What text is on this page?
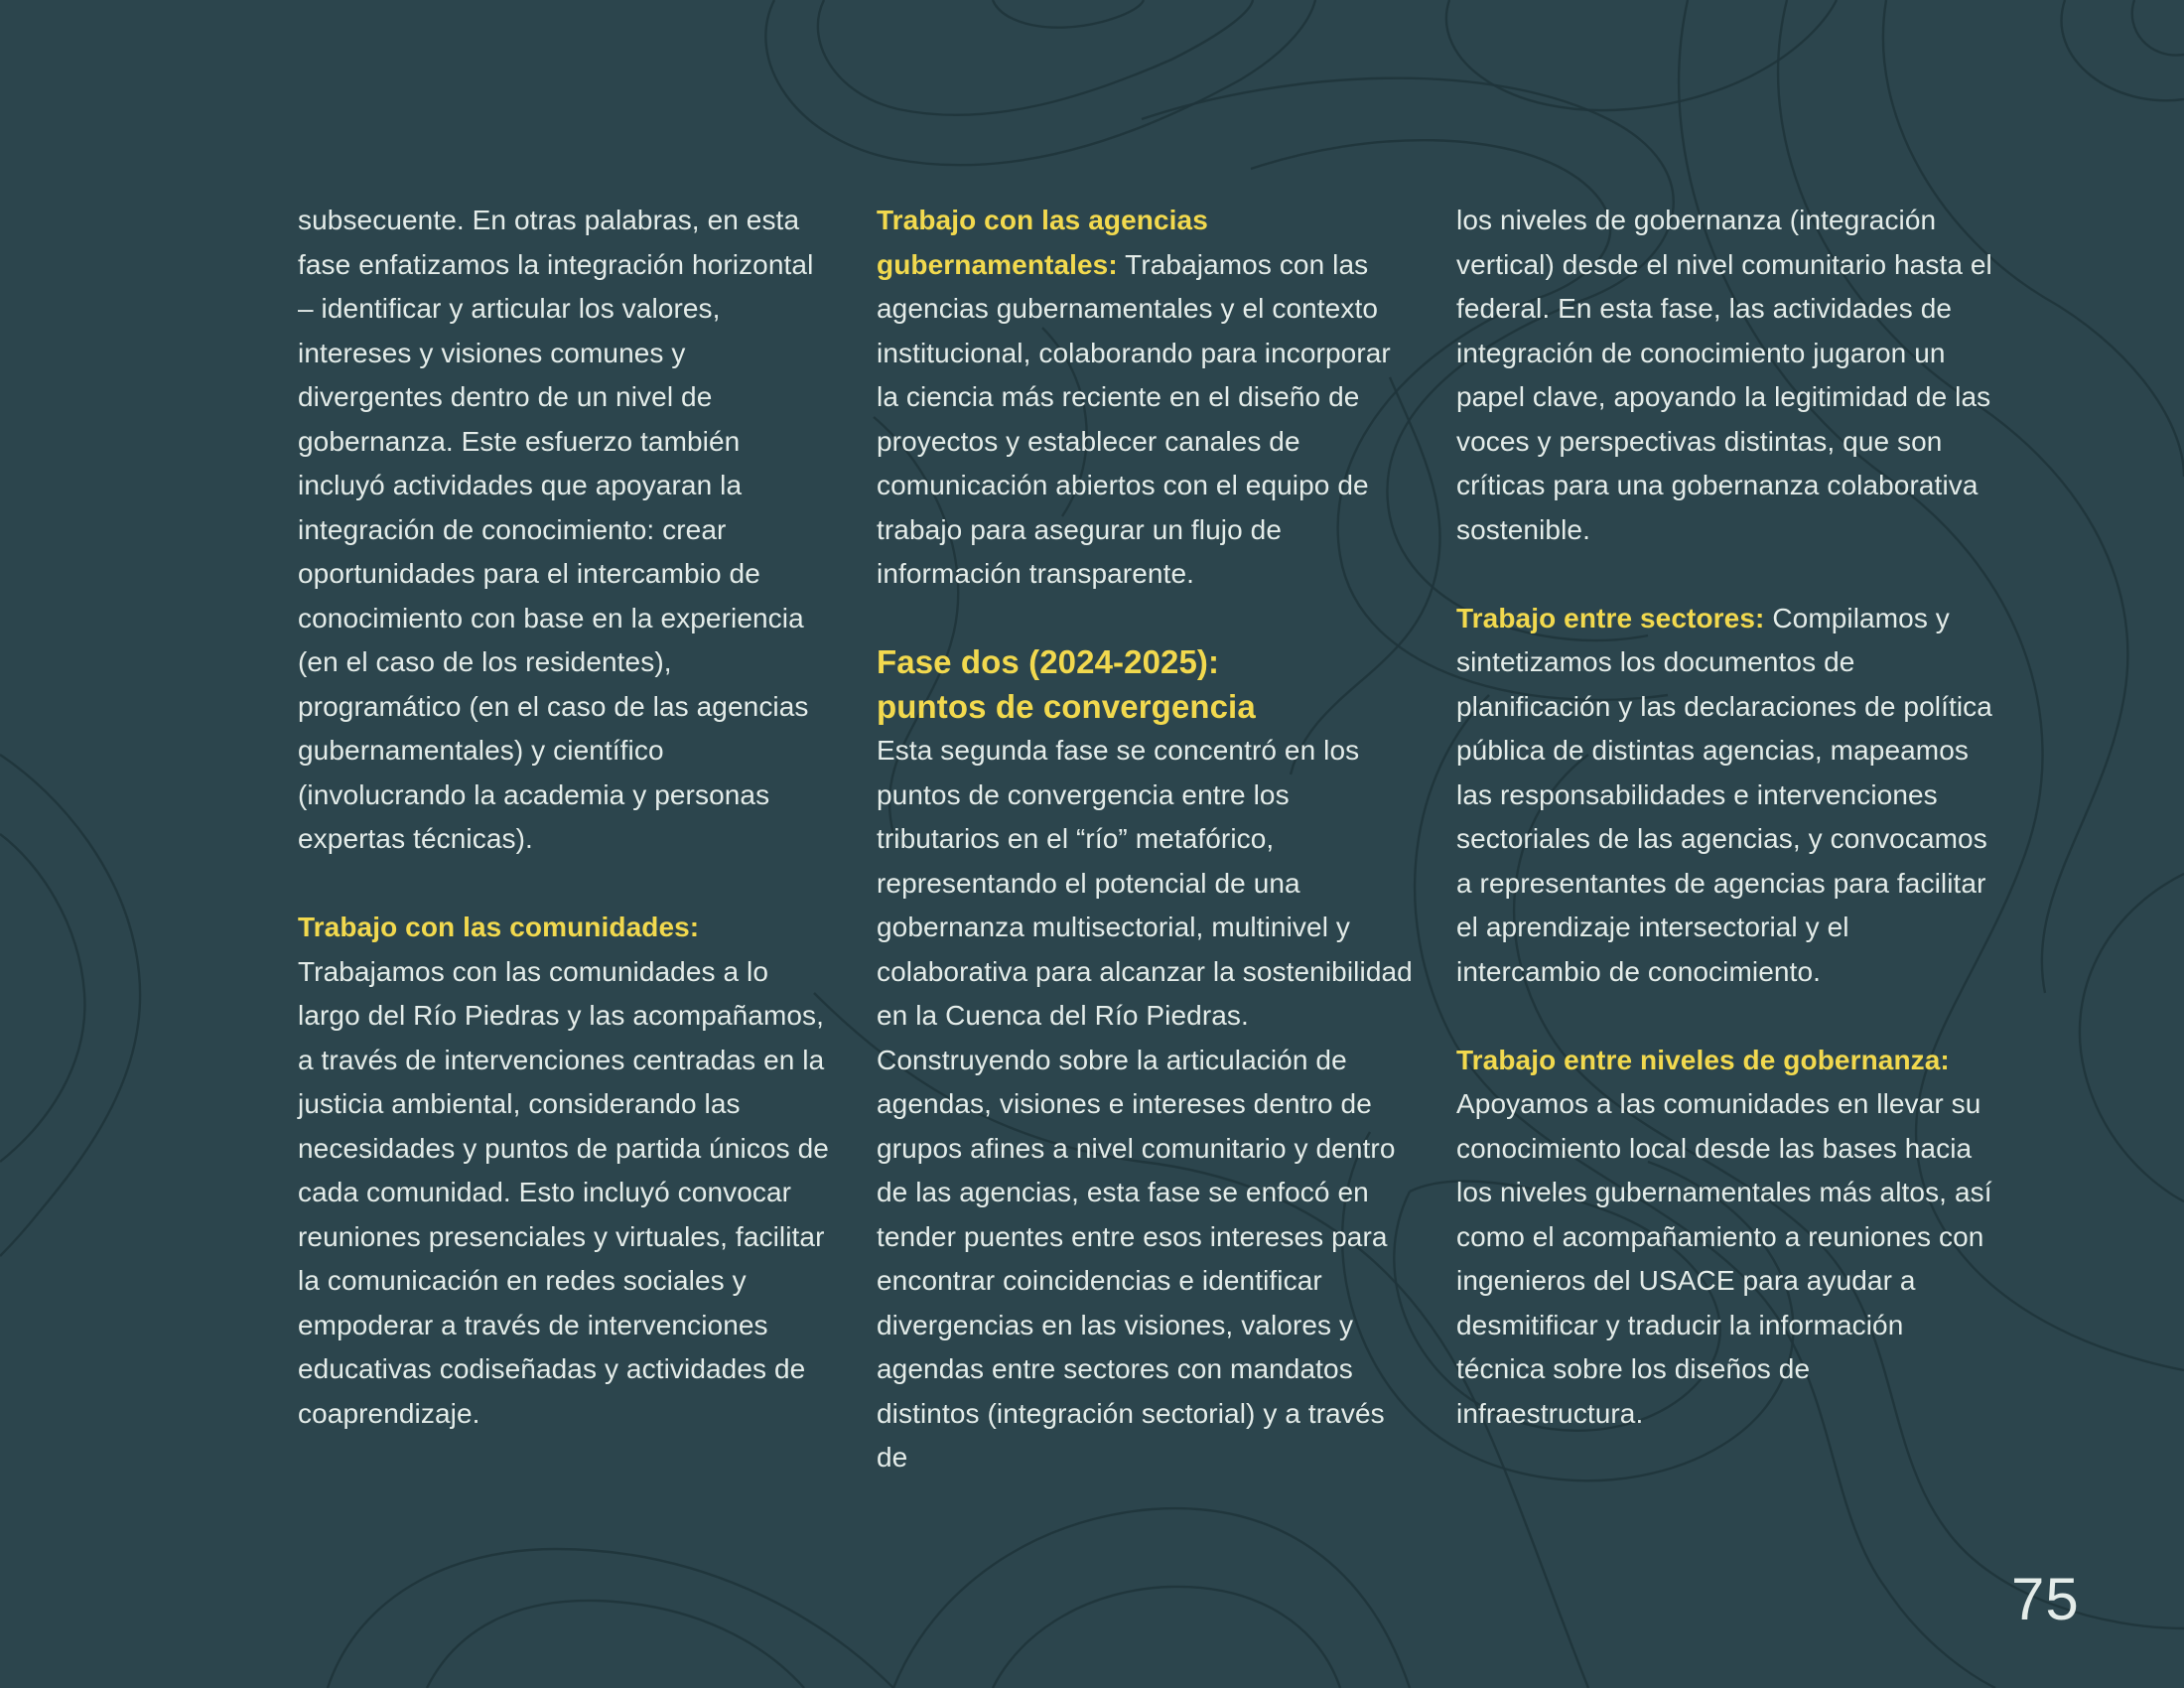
subsecuente. En otras palabras, en esta fase enfatizamos la integración horizontal – identificar y articular los valores, intereses y visiones comunes y divergentes dentro de un nivel de gobernanza. Este esfuerzo también incluyó actividades que apoyaran la integración de conocimiento: crear oportunidades para el intercambio de conocimiento con base en la experiencia (en el caso de los residentes), programático (en el caso de las agencias gubernamentales) y científico (involucrando la academia y personas expertas técnicas).

Trabajo con las comunidades:
Trabajamos con las comunidades a lo largo del Río Piedras y las acompañamos, a través de intervenciones centradas en la justicia ambiental, considerando las necesidades y puntos de partida únicos de cada comunidad. Esto incluyó convocar reuniones presenciales y virtuales, facilitar la comunicación en redes sociales y empoderar a través de intervenciones educativas codiseñadas y actividades de coaprendizaje.

Trabajo con las agencias gubernamentales: Trabajamos con las agencias gubernamentales y el contexto institucional, colaborando para incorporar la ciencia más reciente en el diseño de proyectos y establecer canales de comunicación abiertos con el equipo de trabajo para asegurar un flujo de información transparente.

Fase dos (2024-2025):
puntos de convergencia

Esta segunda fase se concentró en los puntos de convergencia entre los tributarios en el “río” metafórico, representando el potencial de una gobernanza multisectorial, multinivel y colaborativa para alcanzar la sostenibilidad en la Cuenca del Río Piedras. Construyendo sobre la articulación de agendas, visiones e intereses dentro de grupos afines a nivel comunitario y dentro de las agencias, esta fase se enfocó en tender puentes entre esos intereses para encontrar coincidencias e identificar divergencias en las visiones, valores y agendas entre sectores con mandatos distintos (integración sectorial) y a través de

los niveles de gobernanza (integración vertical) desde el nivel comunitario hasta el federal. En esta fase, las actividades de integración de conocimiento jugaron un papel clave, apoyando la legitimidad de las voces y perspectivas distintas, que son críticas para una gobernanza colaborativa sostenible.

Trabajo entre sectores: Compilamos y sintetizamos los documentos de planificación y las declaraciones de política pública de distintas agencias, mapeamos las responsabilidades e intervenciones sectoriales de las agencias, y convocamos a representantes de agencias para facilitar el aprendizaje intersectorial y el intercambio de conocimiento.

Trabajo entre niveles de gobernanza:
Apoyamos a las comunidades en llevar su conocimiento local desde las bases hacia los niveles gubernamentales más altos, así como el acompañamiento a reuniones con ingenieros del USACE para ayudar a desmitificar y traducir la información técnica sobre los diseños de infraestructura.

75
